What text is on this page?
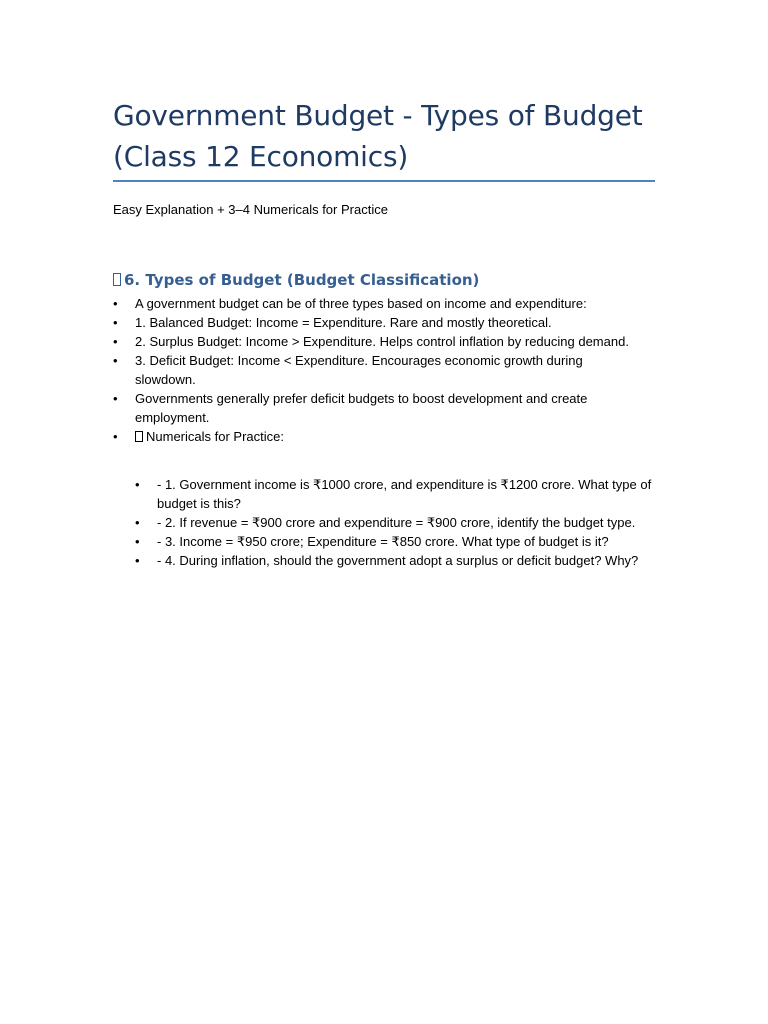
Government Budget - Types of Budget (Class 12 Economics)

Easy Explanation + 3–4 Numericals for Practice

6. Types of Budget (Budget Classification)
• A government budget can be of three types based on income and expenditure:
• 1. Balanced Budget: Income = Expenditure. Rare and mostly theoretical.
• 2. Surplus Budget: Income > Expenditure. Helps control inflation by reducing demand.
• 3. Deficit Budget: Income < Expenditure. Encourages economic growth during slowdown.
• Governments generally prefer deficit budgets to boost development and create employment.
• Numericals for Practice:
• - 1. Government income is ₹1000 crore, and expenditure is ₹1200 crore. What type of budget is this?
• - 2. If revenue = ₹900 crore and expenditure = ₹900 crore, identify the budget type.
• - 3. Income = ₹950 crore; Expenditure = ₹850 crore. What type of budget is it?
• - 4. During inflation, should the government adopt a surplus or deficit budget? Why?
